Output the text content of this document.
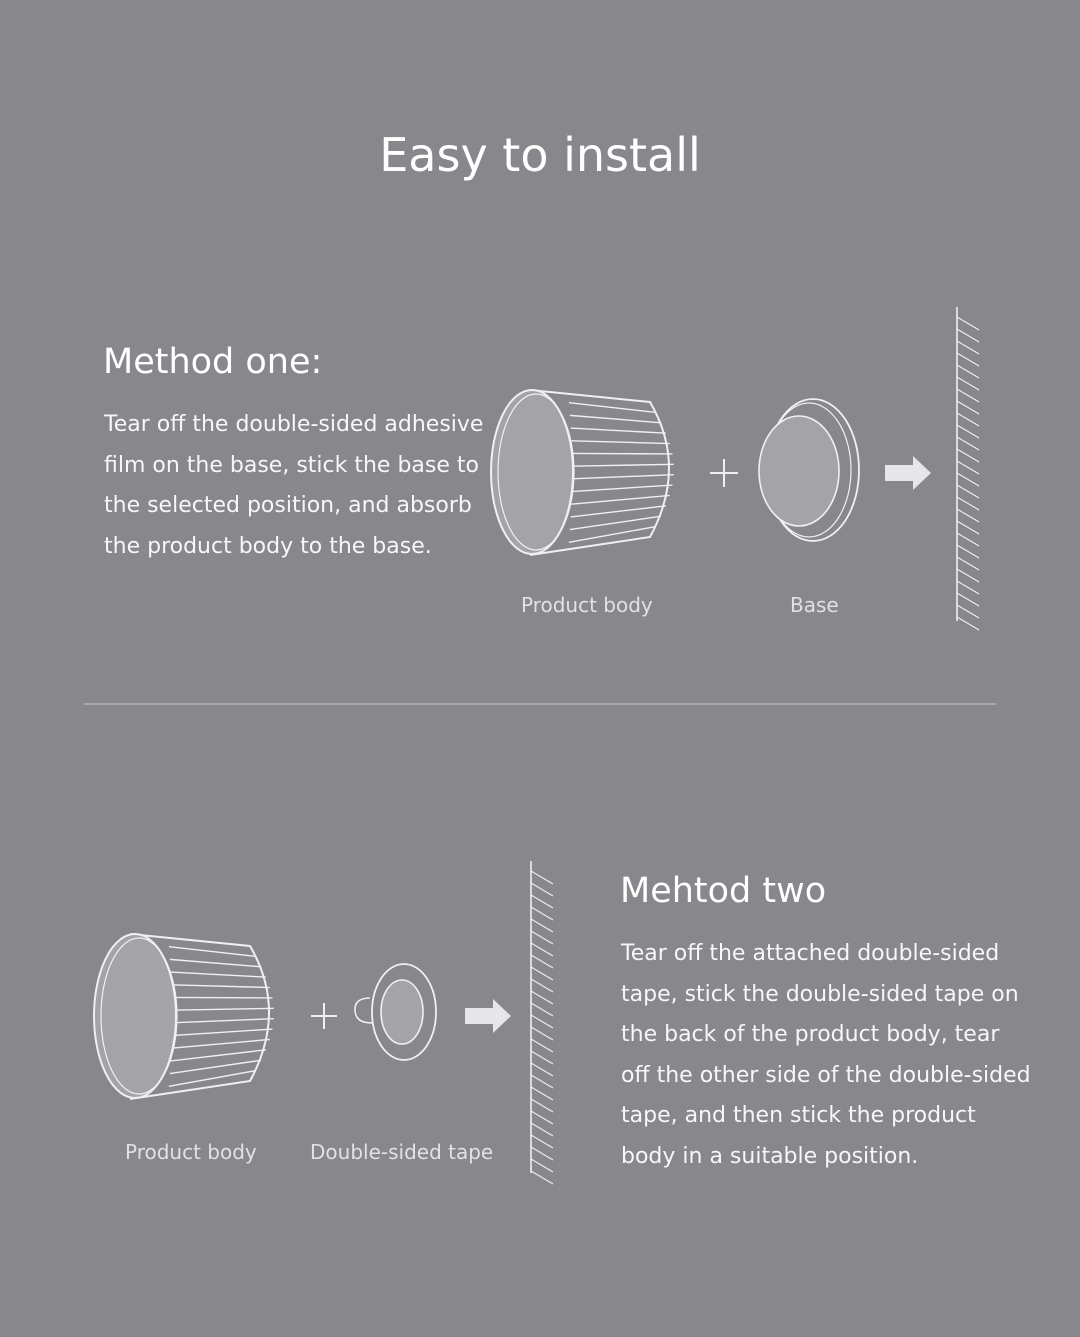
Easy to install
Method one:

Tear off the double-sided adhesive

film on the base, stick the base to

the selected position, and absorb

the product body to the base.

Product body	Base
Product body	Double-sided tape
Mehtod two

Tear off the attached double-sided

tape, stick the double-sided tape on

the back of the product body, tear

off the other side of the double-sided

tape, and then stick the product

body in a suitable position.
